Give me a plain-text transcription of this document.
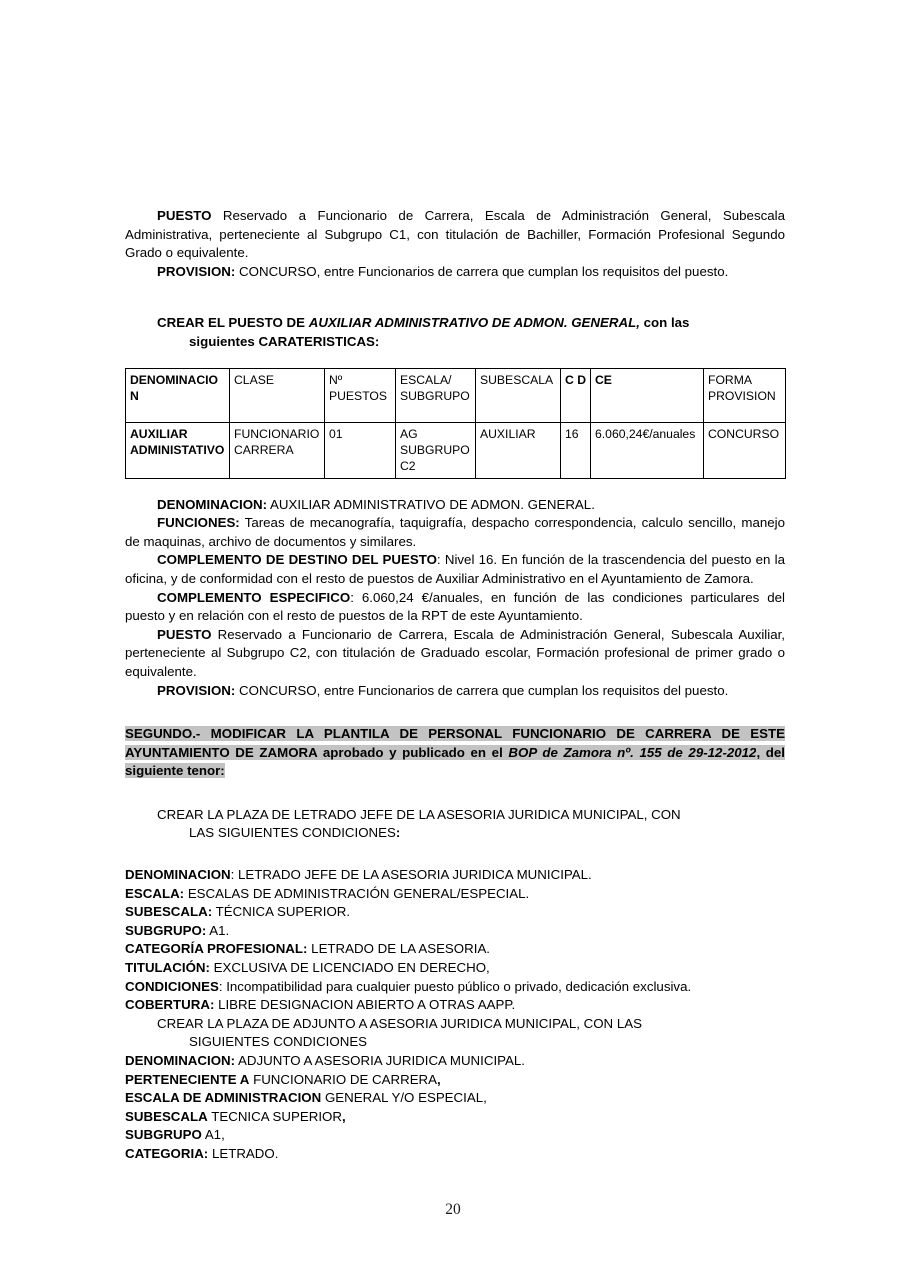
PUESTO Reservado a Funcionario de Carrera, Escala de Administración General, Subescala Administrativa, perteneciente al Subgrupo C1, con titulación de Bachiller, Formación Profesional Segundo Grado o equivalente.

PROVISION: CONCURSO, entre Funcionarios de carrera que cumplan los requisitos del puesto.

CREAR EL PUESTO DE AUXILIAR ADMINISTRATIVO DE ADMON. GENERAL, con las
siguientes CARATERISTICAS:
DENOMINACION	CLASE	Nº PUESTOS	ESCALA/ SUBGRUPO	SUBESCALA	C D	CE	FORMA PROVISION
AUXILIAR ADMINISTATIVO	FUNCIONARIO CARRERA	01	AG SUBGRUPO C2	AUXILIAR	16	6.060,24€/anuales	CONCURSO

DENOMINACION: AUXILIAR ADMINISTRATIVO DE ADMON. GENERAL.

FUNCIONES: Tareas de mecanografía, taquigrafía, despacho correspondencia, calculo sencillo, manejo de maquinas, archivo de documentos y similares.

COMPLEMENTO DE DESTINO DEL PUESTO: Nivel 16. En función de la trascendencia del puesto en la oficina, y de conformidad con el resto de puestos de Auxiliar Administrativo en el Ayuntamiento de Zamora.

COMPLEMENTO ESPECIFICO: 6.060,24 €/anuales, en función de las condiciones particulares del puesto y en relación con el resto de puestos de la RPT de este Ayuntamiento.

PUESTO Reservado a Funcionario de Carrera, Escala de Administración General, Subescala Auxiliar, perteneciente al Subgrupo C2, con titulación de Graduado escolar, Formación profesional de primer grado o equivalente.

PROVISION: CONCURSO, entre Funcionarios de carrera que cumplan los requisitos del puesto.

SEGUNDO.- MODIFICAR LA PLANTILA DE PERSONAL FUNCIONARIO DE CARRERA DE ESTE AYUNTAMIENTO DE ZAMORA aprobado y publicado en el BOP de Zamora nº. 155 de 29-12-2012, del siguiente tenor:

CREAR LA PLAZA DE LETRADO JEFE DE LA ASESORIA JURIDICA MUNICIPAL, CON
LAS SIGUIENTES CONDICIONES:

DENOMINACION: LETRADO JEFE DE LA ASESORIA JURIDICA MUNICIPAL.

ESCALA: ESCALAS DE ADMINISTRACIÓN GENERAL/ESPECIAL.

SUBESCALA: TÉCNICA SUPERIOR.

SUBGRUPO: A1.

CATEGORÍA PROFESIONAL: LETRADO DE LA ASESORIA.

TITULACIÓN: EXCLUSIVA DE LICENCIADO EN DERECHO,

CONDICIONES: Incompatibilidad para cualquier puesto público o privado, dedicación exclusiva.

COBERTURA: LIBRE DESIGNACION ABIERTO A OTRAS AAPP.

CREAR LA PLAZA DE ADJUNTO A ASESORIA JURIDICA MUNICIPAL, CON LAS
SIGUIENTES CONDICIONES

DENOMINACION: ADJUNTO A ASESORIA JURIDICA MUNICIPAL.

PERTENECIENTE A FUNCIONARIO DE CARRERA,

ESCALA DE ADMINISTRACION GENERAL Y/O ESPECIAL,

SUBESCALA TECNICA SUPERIOR,

SUBGRUPO A1,

CATEGORIA: LETRADO.

20
